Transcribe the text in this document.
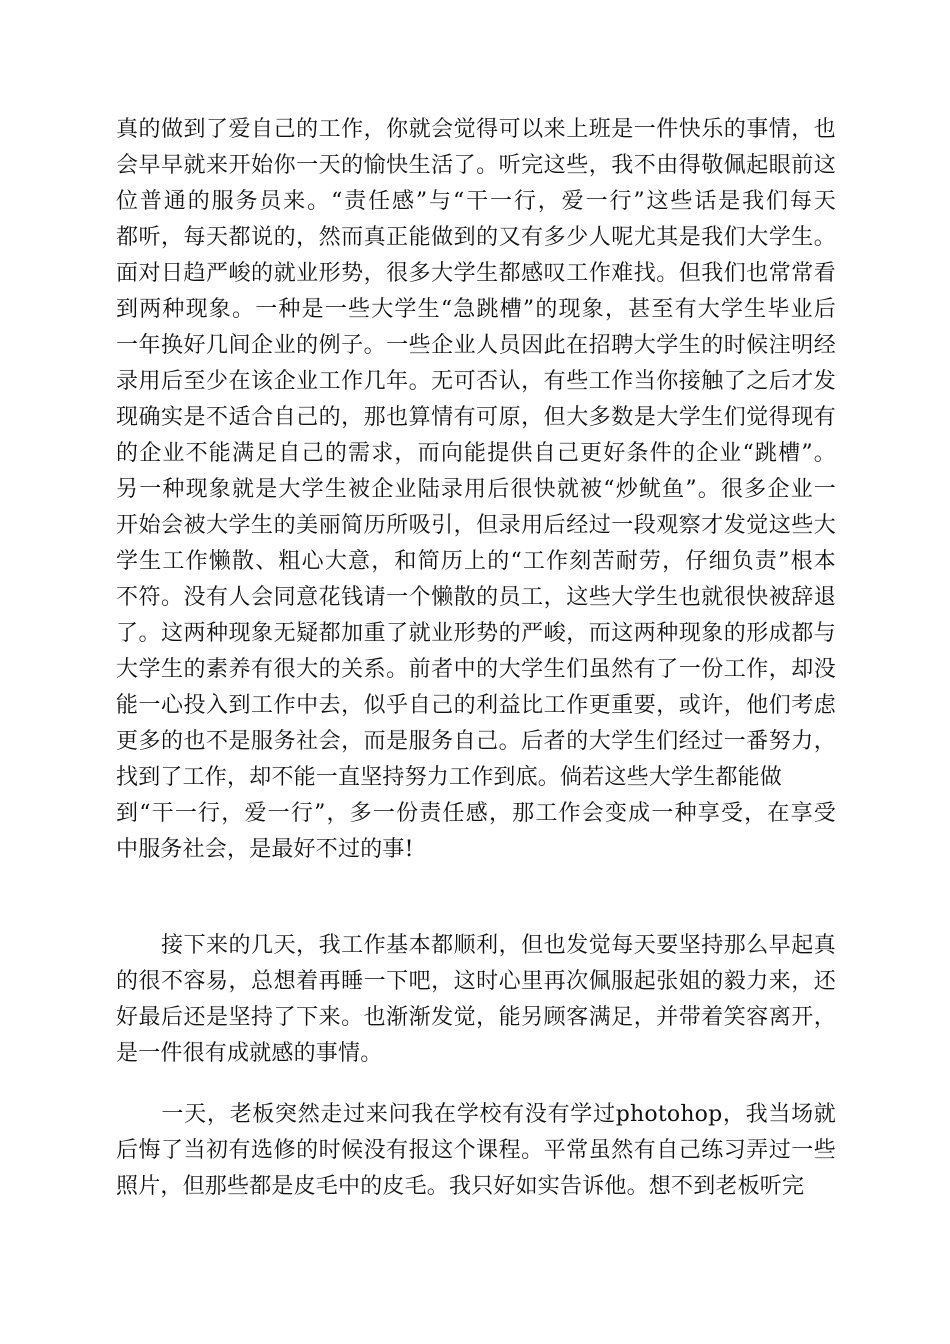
真的做到了爱自己的工作，你就会觉得可以来上班是一件快乐的事情，也
会早早就来开始你一天的愉快生活了。听完这些，我不由得敬佩起眼前这
位普通的服务员来。“责任感”与“干一行，爱一行”这些话是我们每天
都听，每天都说的，然而真正能做到的又有多少人呢尤其是我们大学生。
面对日趋严峻的就业形势，很多大学生都感叹工作难找。但我们也常常看
到两种现象。一种是一些大学生“急跳槽”的现象，甚至有大学生毕业后
一年换好几间企业的例子。一些企业人员因此在招聘大学生的时候注明经
录用后至少在该企业工作几年。无可否认，有些工作当你接触了之后才发
现确实是不适合自己的，那也算情有可原，但大多数是大学生们觉得现有
的企业不能满足自己的需求，而向能提供自己更好条件的企业“跳槽”。
另一种现象就是大学生被企业陆录用后很快就被“炒鱿鱼”。很多企业一
开始会被大学生的美丽简历所吸引，但录用后经过一段观察才发觉这些大
学生工作懒散、粗心大意，和简历上的“工作刻苦耐劳，仔细负责”根本
不符。没有人会同意花钱请一个懒散的员工，这些大学生也就很快被辞退
了。这两种现象无疑都加重了就业形势的严峻，而这两种现象的形成都与
大学生的素养有很大的关系。前者中的大学生们虽然有了一份工作，却没
能一心投入到工作中去，似乎自己的利益比工作更重要，或许，他们考虑
更多的也不是服务社会，而是服务自己。后者的大学生们经过一番努力，
找到了工作，却不能一直坚持努力工作到底。倘若这些大学生都能做
到“干一行，爱一行”，多一份责任感，那工作会变成一种享受，在享受
中服务社会，是最好不过的事!
　　接下来的几天，我工作基本都顺利，但也发觉每天要坚持那么早起真
的很不容易，总想着再睡一下吧，这时心里再次佩服起张姐的毅力来，还
好最后还是坚持了下来。也渐渐发觉，能另顾客满足，并带着笑容离开，
是一件很有成就感的事情。
　　一天，老板突然走过来问我在学校有没有学过photohop，我当场就
后悔了当初有选修的时候没有报这个课程。平常虽然有自己练习弄过一些
照片，但那些都是皮毛中的皮毛。我只好如实告诉他。想不到老板听完
